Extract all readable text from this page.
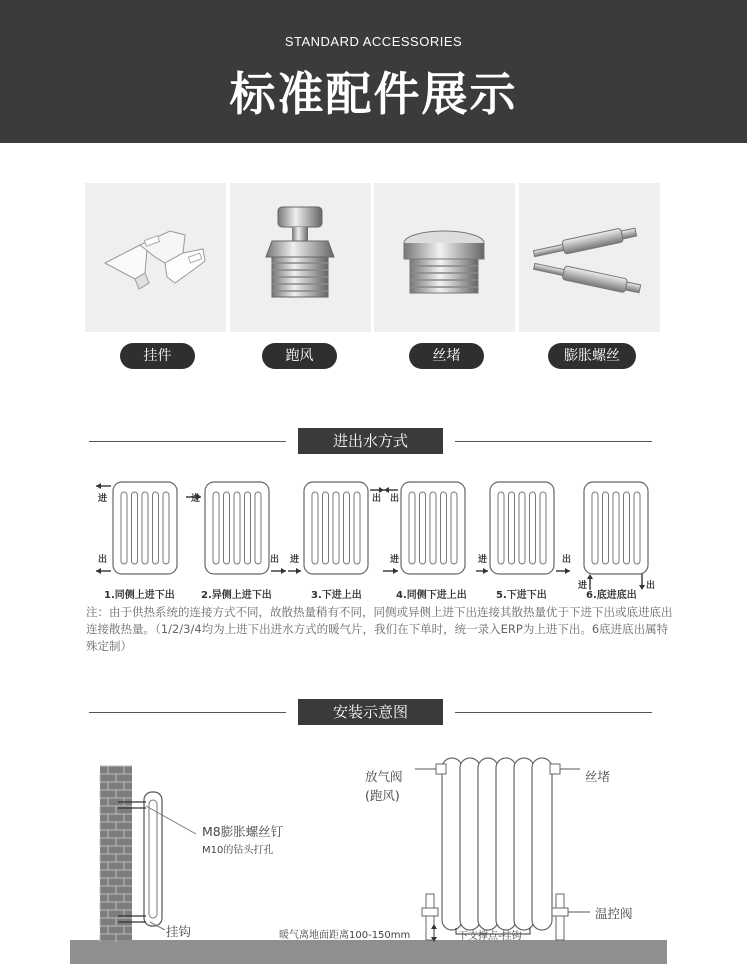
STANDARD ACCESSORIES
标准配件展示
挂件	跑风	丝堵	膨胀螺丝
进出水方式
进
出
进
出 进
出 出
进	进	出
进	出
1.同侧上进下出	2.异侧上进下出	3.下进上出	4.同侧下进上出	5.下进下出	6.底进底出
注：由于供热系统的连接方式不同，故散热量稍有不同，同侧或异侧上进下出连接其散热量优于下进下出或底进底出连接散热量。（1/2/3/4均为上进下出进水方式的暖气片，我们在下单时，统一录入ERP为上进下出。6底进底出属特殊定制）
安装示意图
M8膨胀螺丝钉
M10的钻头打孔
挂钩
放气阀
(跑风)
丝堵
温控阀
暖气离地面距离100-150mm	下支撑点-挂钩
